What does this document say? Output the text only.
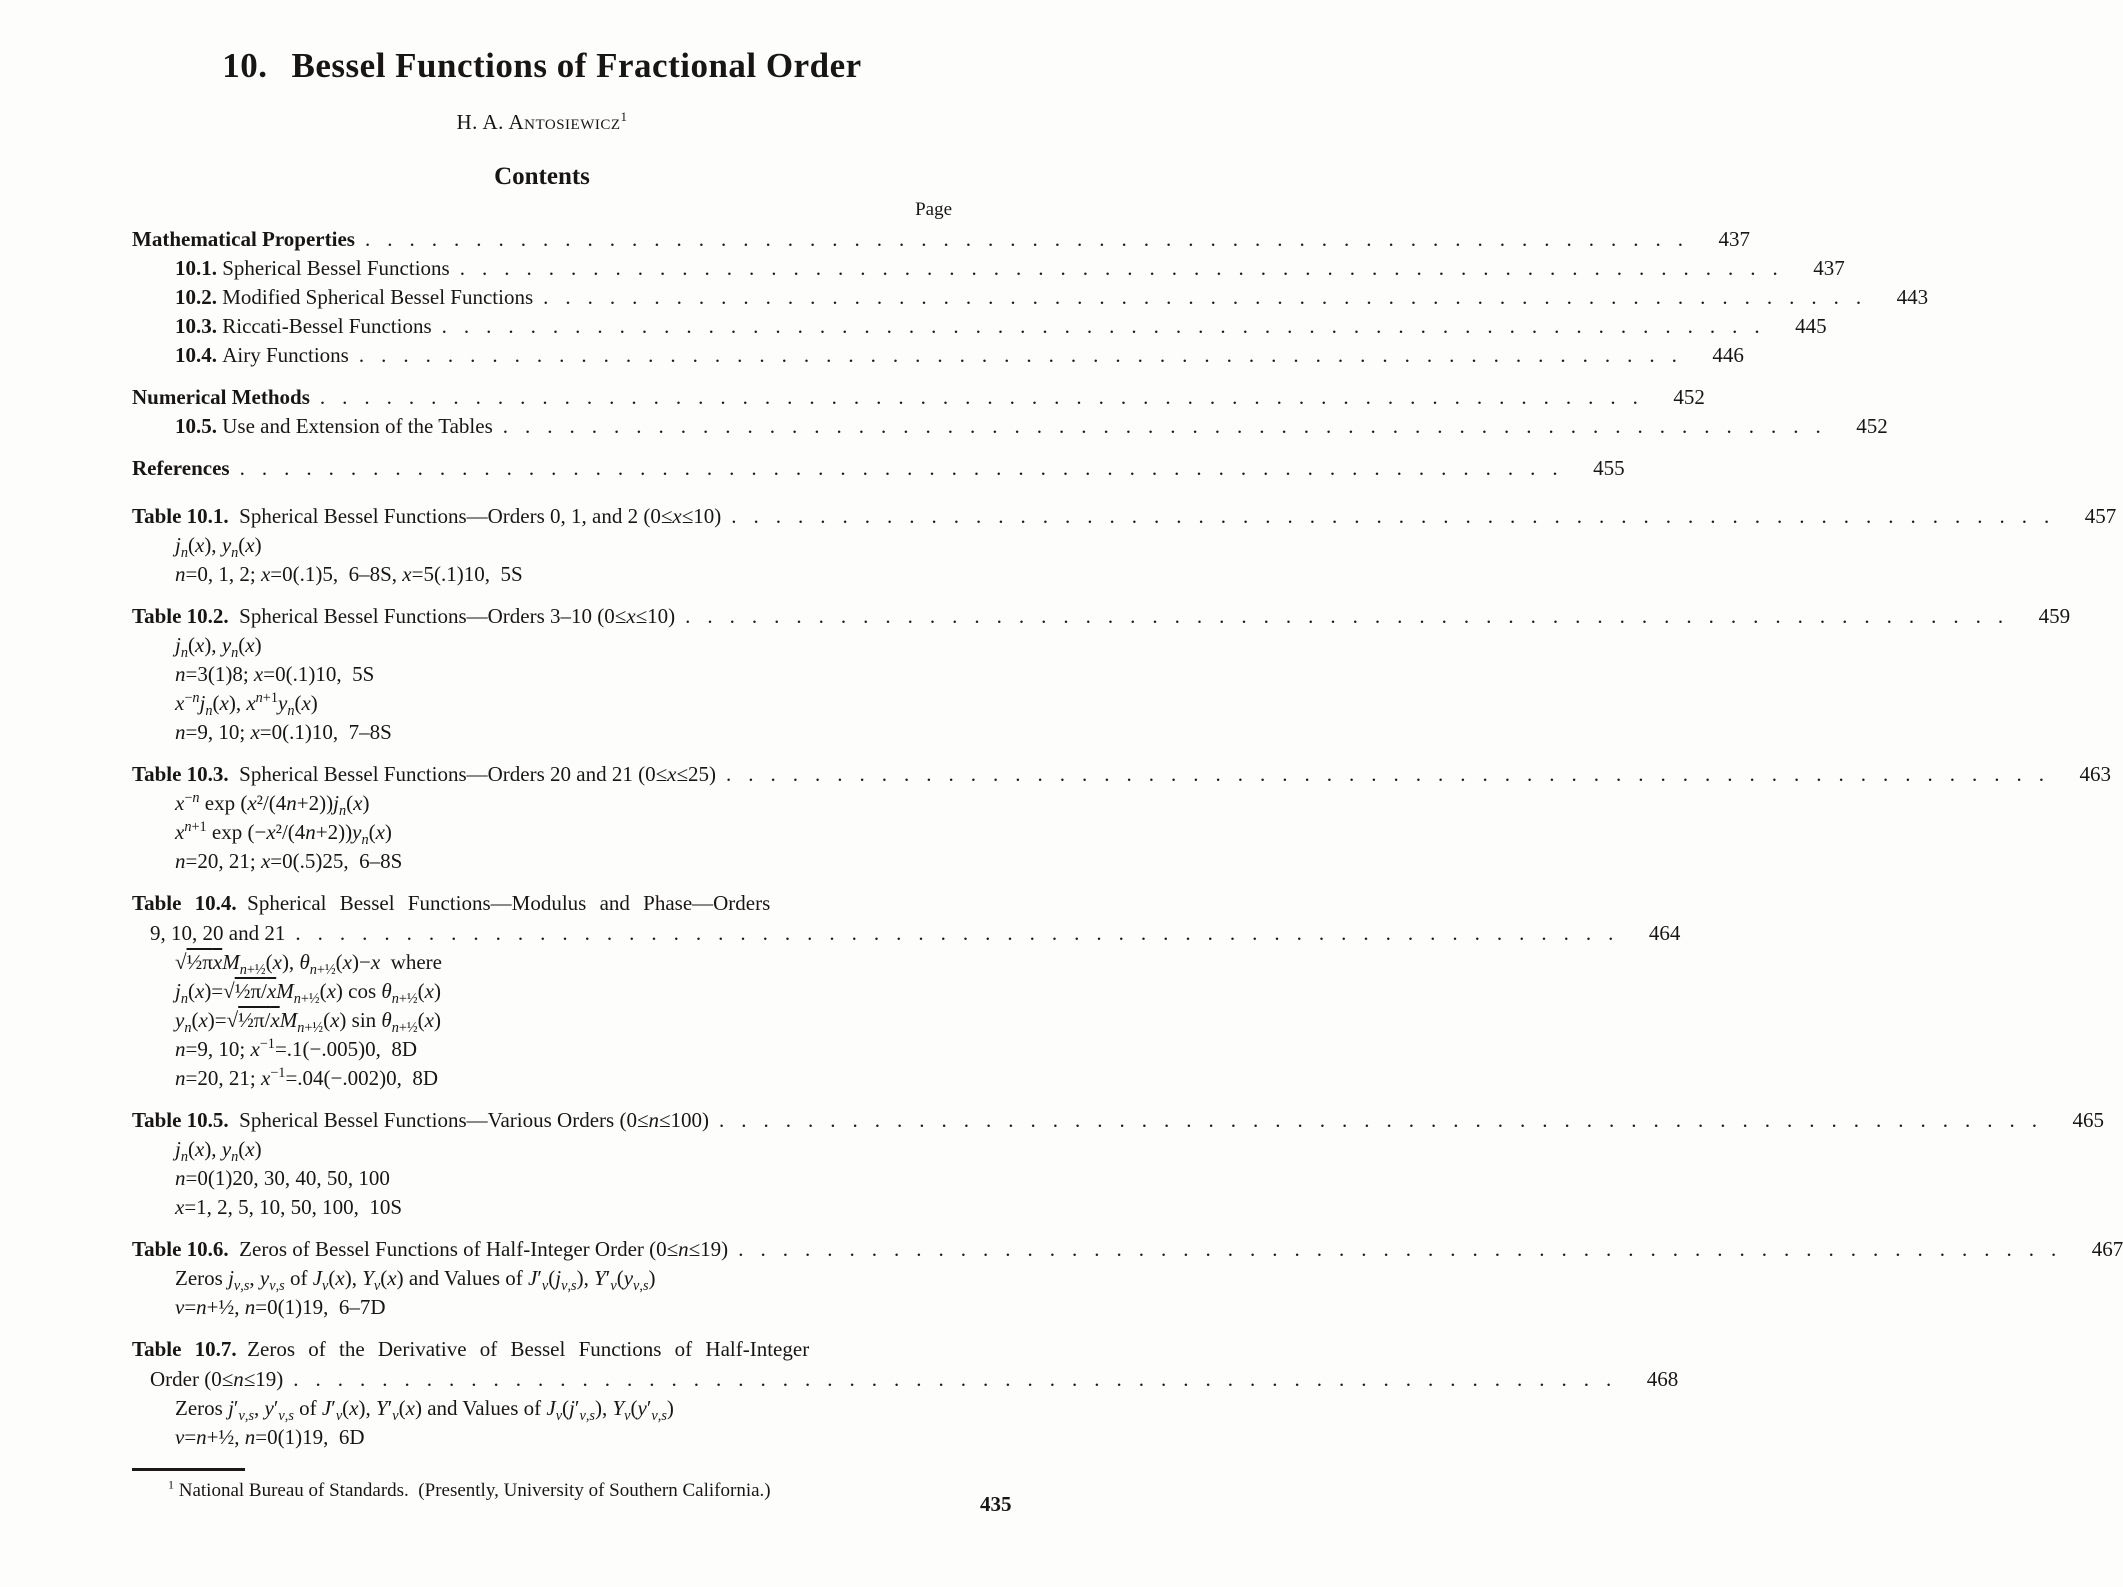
10. Bessel Functions of Fractional Order
H. A. Antosiewicz$^1$
Contents
Page
Mathematical Properties ............................................................ 437
10.1. Spherical Bessel Functions ............................................................ 437
10.2. Modified Spherical Bessel Functions ............................................................ 443
10.3. Riccati-Bessel Functions ............................................................ 445
10.4. Airy Functions ............................................................ 446
Numerical Methods ............................................................ 452
10.5. Use and Extension of the Tables ............................................................ 452
References ............................................................ 455
Table 10.1. Spherical Bessel Functions—Orders 0, 1, and 2 (0≤x≤10) ............................................................ 457
$j_n(x)$, $y_n(x)$
n=0, 1, 2; x=0(.1)5, 6–8S, x=5(.1)10, 5S
Table 10.2. Spherical Bessel Functions—Orders 3–10 (0≤x≤10) ............................................................ 459
$j_n(x)$, $y_n(x)$
n=3(1)8; x=0(.1)10, 5S
$x^{-n}j_n(x)$, $x^{n+1}y_n(x)$
n=9, 10; x=0(.1)10, 7–8S
Table 10.3. Spherical Bessel Functions—Orders 20 and 21 (0≤x≤25) ............................................................ 463
$x^{-n}$ $\exp (x^2/(4n+2))j_n(x)$
$x^{n+1}$ $\exp (-x^2/(4n+2))y_n(x)$
n=20, 21; x=0(.5)25, 6–8S
Table 10.4. Spherical Bessel Functions—Modulus and Phase—Orders
9, 10, 20 and 21 ............................................................ 464
√½πxM$_{n+\frac{1}{2}}$(x), $\theta_{n+\frac{1}{2}}(x)-x$ where
$j_n(x)=√\frac{1}{2}\pi/xM_{n+\frac{1}{2}}(x)$ $\cos \theta_{n+\frac{1}{2}}(x)$
$y_n(x)=√\frac{1}{2}\pi/xM_{n+\frac{1}{2}}(x)$ $\sin \theta_{n+\frac{1}{2}}(x)$
n=9, 10; $x^{-1}=.1(-.005)0$, 8D
n=20, 21; $x^{-1}=.04(-.002)0$, 8D
Table 10.5. Spherical Bessel Functions—Various Orders (0≤n≤100) ............................................................ 465
$j_n(x)$, $y_n(x)$
n=0(1)20, 30, 40, 50, 100
x=1, 2, 5, 10, 50, 100, 10S
Table 10.6. Zeros of Bessel Functions of Half-Integer Order (0≤n≤19) ............................................................ 467
Zeros $j_{\nu,s}$, $y_{\nu,s}$ of $J_\nu(x)$, $Y_\nu(x)$ and Values of $J'_\nu(j_{\nu,s})$, $Y'_\nu(y_{\nu,s})$
ν=n+½, n=0(1)19, 6–7D
Table 10.7. Zeros of the Derivative of Bessel Functions of Half-Integer
Order (0≤n≤19) ............................................................ 468
Zeros $j'_{\nu,s}$, $y'_{\nu,s}$ of $J'_\nu(x)$, $Y'_\nu(x)$ and Values of $J_\nu(j'_{\nu,s})$, $Y_\nu(y'_{\nu,s})$
ν=n+½, n=0(1)19, 6D
$^1$ National Bureau of Standards. (Presently, University of Southern California.)
435
